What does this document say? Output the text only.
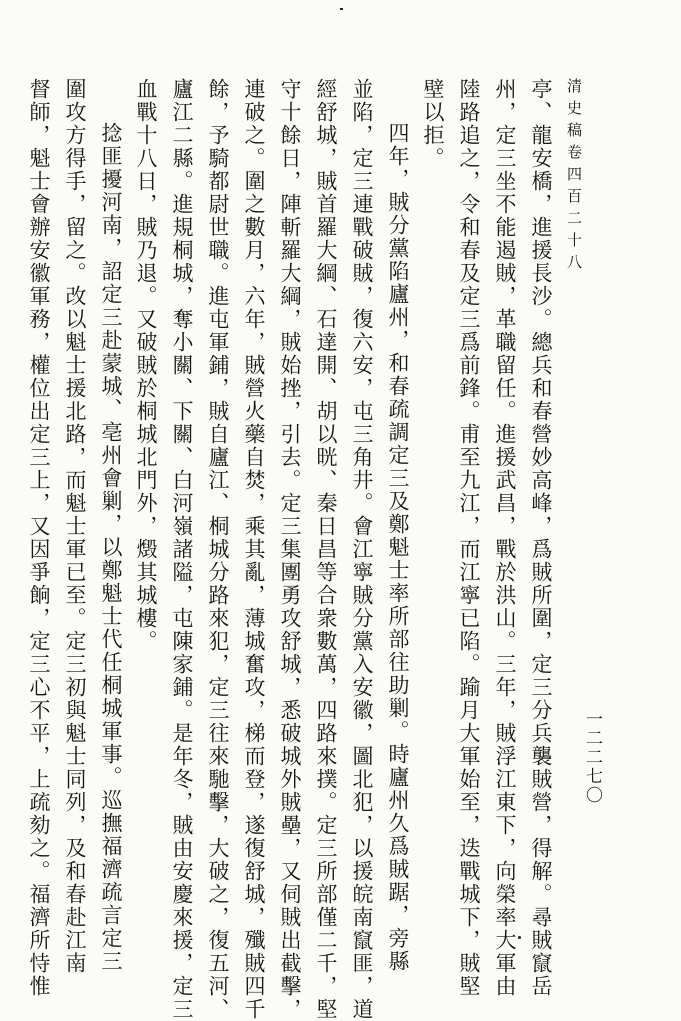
清史稿卷四百二十八
一二二七〇
亭、龍安橋，進援長沙。總兵和春營妙高峰，爲賊所圍，定三分兵襲賊營，得解。尋賊竄岳
州，定三坐不能遏賊，革職留任。進援武昌，戰於洪山。三年，賊浮江東下，向榮率大軍由
陸路追之，令和春及定三爲前鋒。甫至九江，而江寧已陷。踰月大軍始至，迭戰城下，賊堅
壁以拒。
四年，賊分黨陷廬州，和春疏調定三及鄭魁士率所部往助剿。時廬州久爲賊踞，旁縣
並陷，定三連戰破賊，復六安，屯三角井。會江寧賊分黨入安徽，圖北犯，以援皖南竄匪，道
經舒城，賊首羅大綱、石達開、胡以晄、秦日昌等合衆數萬，四路來撲。定三所部僅二千，堅
守十餘日，陣斬羅大綱，賊始挫，引去。定三集團勇攻舒城，悉破城外賊壘，又伺賊出截擊，
連破之。圍之數月，六年，賊營火藥自焚，乘其亂，薄城奮攻，梯而登，遂復舒城，殲賊四千
餘，予騎都尉世職。進屯軍鋪，賊自廬江、桐城分路來犯，定三往來馳擊，大破之，復五河、
廬江二縣。進規桐城，奪小關、下關、白河嶺諸隘，屯陳家鋪。是年冬，賊由安慶來援，定三
血戰十八日，賊乃退。又破賊於桐城北門外，燬其城樓。
捻匪擾河南，詔定三赴蒙城、亳州會剿，以鄭魁士代任桐城軍事。巡撫福濟疏言定三
圍攻方得手，留之。改以魁士援北路，而魁士軍已至。定三初與魁士同列，及和春赴江南
督師，魁士會辦安徽軍務，權位出定三上，又因爭餉，定三心不平，上疏劾之。福濟所恃惟
